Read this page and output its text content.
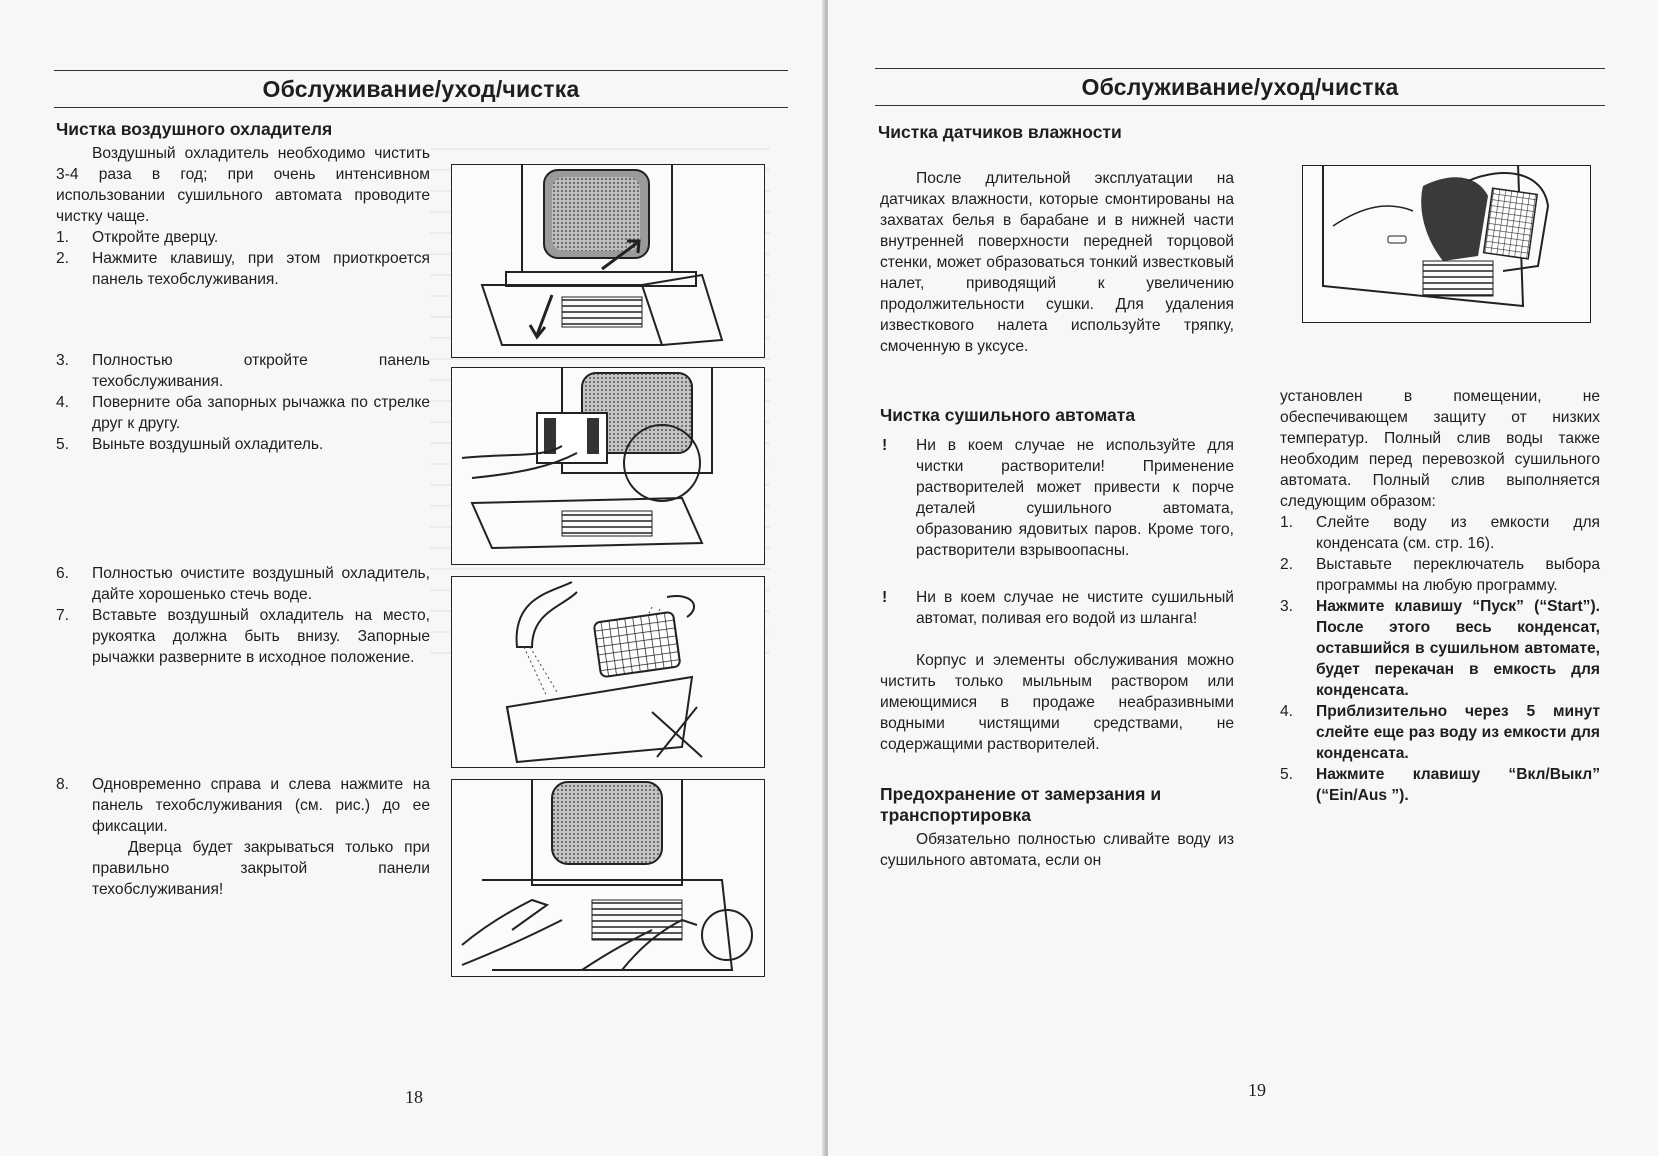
Обслуживание/уход/чистка
Чистка воздушного охладителя

Воздушный охладитель необходимо чистить 3-4 раза в год; при очень интенсивном использовании сушильного автомата проводите чистку чаще.

1. Откройте дверцу.
2. Нажмите клавишу, при этом приоткроется панель техобслуживания.
3. Полностью откройте панель техобслуживания.
4. Поверните оба запорных рычажка по стрелке друг к другу.
5. Выньте воздушный охладитель.
6. Полностью очистите воздушный охладитель, дайте хорошенько стечь воде.
7. Вставьте воздушный охладитель на место, рукоятка должна быть внизу. Запорные рычажки разверните в исходное положение.
8. Одновременно справа и слева нажмите на панель техобслуживания (см. рис.) до ее фиксации.

Дверца будет закрываться только при правильно закрытой панели техобслуживания!

18
Обслуживание/уход/чистка
Чистка датчиков влажности

После длительной эксплуатации на датчиках влажности, которые смонтированы на захватах белья в барабане и в нижней части внутренней поверхности передней торцовой стенки, может образоваться тонкий известковый налет, приводящий к увеличению продолжительности сушки. Для удаления известкового налета используйте тряпку, смоченную в уксусе.

Чистка сушильного автомата
! Ни в коем случае не используйте для чистки растворители! Применение растворителей может привести к порче деталей сушильного автомата, образованию ядовитых паров. Кроме того, растворители взрывоопасны.
! Ни в коем случае не чистите сушильный автомат, поливая его водой из шланга!

Корпус и элементы обслуживания можно чистить только мыльным раствором или имеющимися в продаже неабразивными водными чистящими средствами, не содержащими растворителей.

Предохранение от замерзания и транспортировка

Обязательно полностью сливайте воду из сушильного автомата, если он

установлен в помещении, не обеспечивающем защиту от низких температур. Полный слив воды также необходим перед перевозкой сушильного автомата. Полный слив выполняется следующим образом:

1. Слейте воду из емкости для конденсата (см. стр. 16).
2. Выставьте переключатель выбора программы на любую программу.
3. Нажмите клавишу “Пуск” (“Start”). После этого весь конденсат, оставшийся в сушильном автомате, будет перекачан в емкость для конденсата.
4. Приблизительно через 5 минут слейте еще раз воду из емкости для конденсата.
5. Нажмите клавишу “Вкл/Выкл” (“Ein/Aus ”).
19
